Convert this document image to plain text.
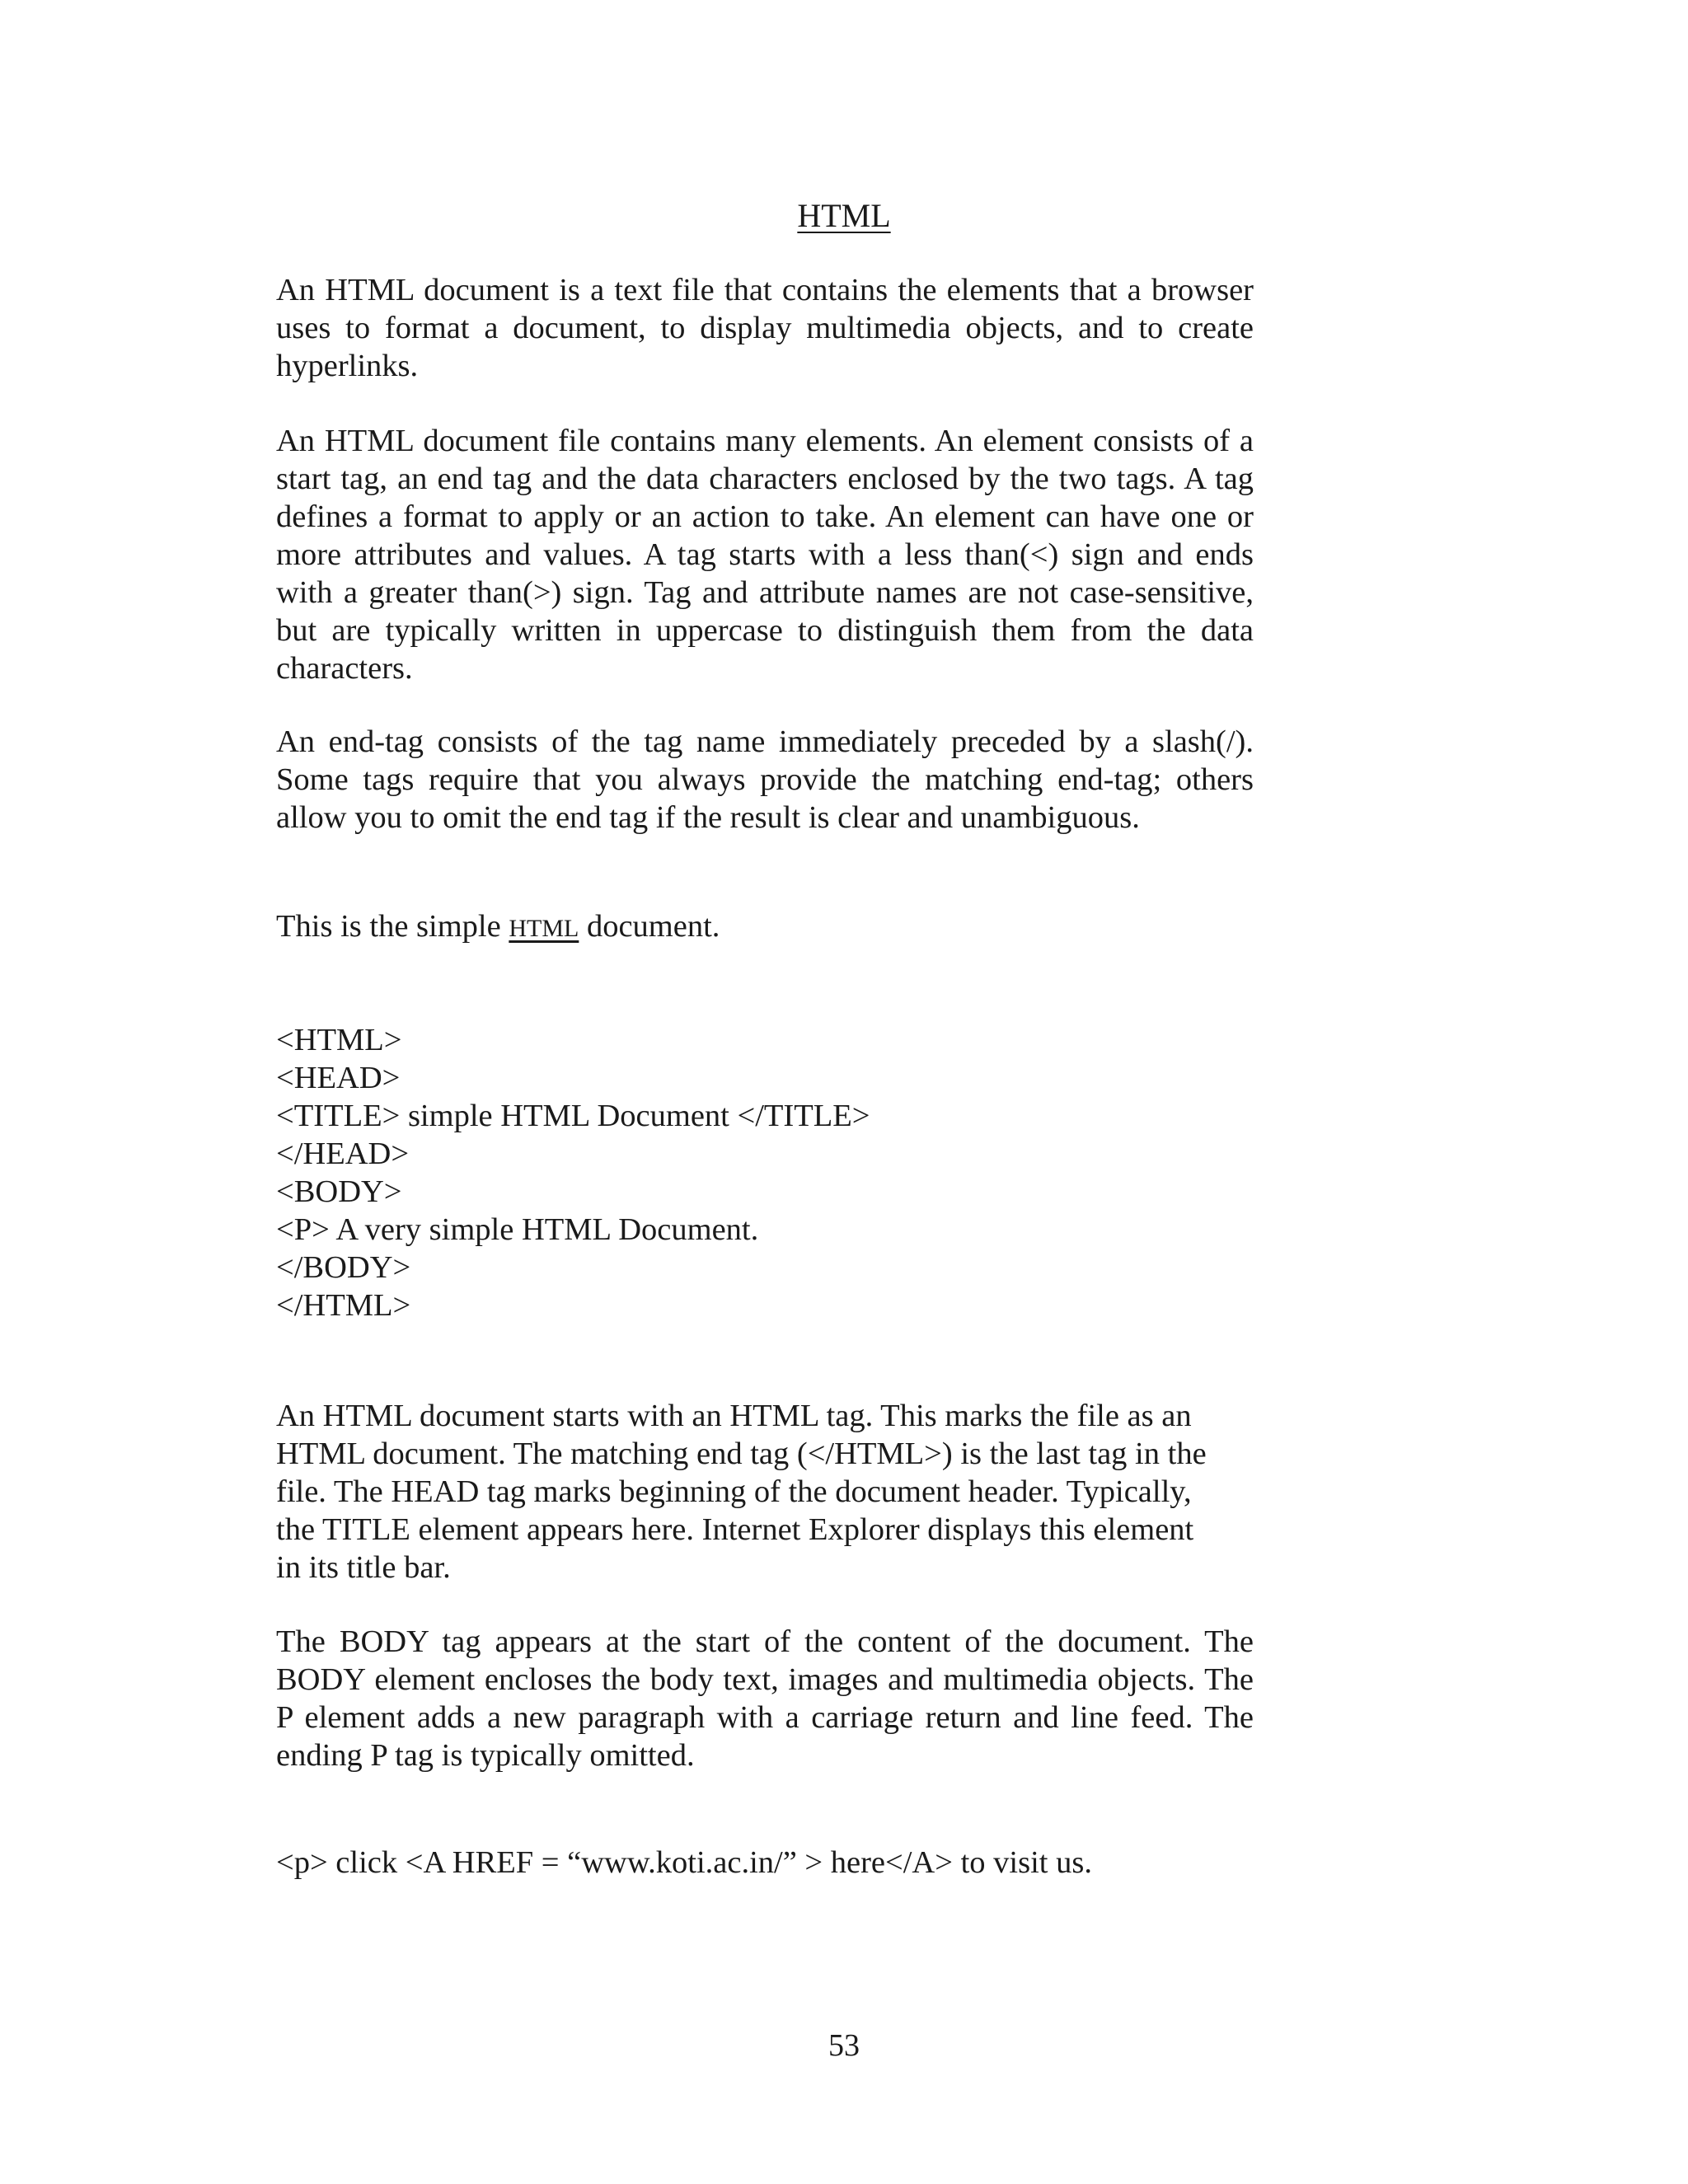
HTML
An HTML document is a text file that contains the elements that a browser uses to format a document, to display multimedia objects, and to create hyperlinks.
An HTML document file contains many elements. An element consists of a start tag, an end tag and the data characters enclosed by the two tags. A tag defines a format to apply or an action to take. An element can have one or more attributes and values. A tag starts with a less than(<) sign and ends with a greater than(>) sign. Tag and attribute names are not case-sensitive, but are typically written in uppercase to distinguish them from the data characters.
An end-tag consists of the tag name immediately preceded by a slash(/). Some tags require that you always provide the matching end-tag; others allow you to omit the end tag if the result is clear and unambiguous.
This is the simple HTML document.
<HTML>
<HEAD>
<TITLE> simple HTML Document </TITLE>
</HEAD>
<BODY>
<P> A very simple HTML Document.
</BODY>
</HTML>
An HTML document starts with an HTML tag. This marks the file as an
HTML document. The matching end tag (</HTML>) is the last tag in the
file. The HEAD tag marks beginning of the document header. Typically,
the TITLE element appears here. Internet Explorer displays this element
in its title bar.
The BODY tag appears at the start of the content of the document. The BODY element encloses the body text, images and multimedia objects. The P element adds a new paragraph with a carriage return and line feed. The ending P tag is typically omitted.
<p> click <A HREF = “www.koti.ac.in/” > here</A> to visit us.
53
